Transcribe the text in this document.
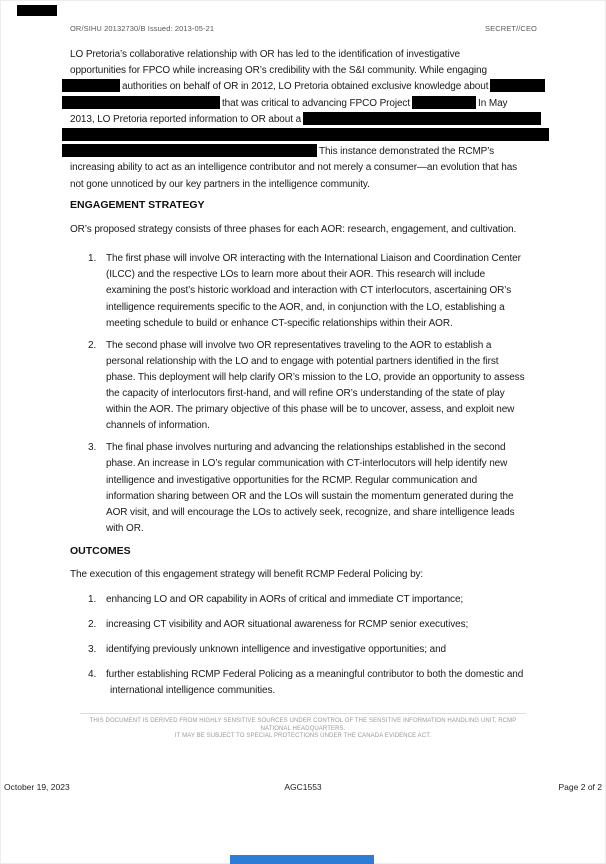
OR/SIHU 20132730/B Issued: 2013-05-21	SECRET//CEO
LO Pretoria’s collaborative relationship with OR has led to the identification of investigative
opportunities for FPCO while increasing OR’s credibility with the S&I community. While engaging
authorities on behalf of OR in 2012, LO Pretoria obtained exclusive knowledge about
that was critical to advancing FPCO Project	In May
2013, LO Pretoria reported information to OR about a
This instance demonstrated the RCMP’s
increasing ability to act as an intelligence contributor and not merely a consumer—an evolution that has
not gone unnoticed by our key partners in the intelligence community.
ENGAGEMENT STRATEGY

OR’s proposed strategy consists of three phases for each AOR: research, engagement, and cultivation.

1. The first phase will involve OR interacting with the International Liaison and Coordination Center
(ILCC) and the respective LOs to learn more about their AOR. This research will include
examining the post’s historic workload and interaction with CT interlocutors, ascertaining OR’s
intelligence requirements specific to the AOR, and, in conjunction with the LO, establishing a
meeting schedule to build or enhance CT-specific relationships within their AOR.
2. The second phase will involve two OR representatives traveling to the AOR to establish a
personal relationship with the LO and to engage with potential partners identified in the first
phase. This deployment will help clarify OR’s mission to the LO, provide an opportunity to assess
the capacity of interlocutors first-hand, and will refine OR’s understanding of the state of play
within the AOR. The primary objective of this phase will be to uncover, assess, and exploit new
channels of information.
3. The final phase involves nurturing and advancing the relationships established in the second
phase. An increase in LO’s regular communication with CT-interlocutors will help identify new
intelligence and investigative opportunities for the RCMP. Regular communication and
information sharing between OR and the LOs will sustain the momentum generated during the
AOR visit, and will encourage the LOs to actively seek, recognize, and share intelligence leads
with OR.
OUTCOMES

The execution of this engagement strategy will benefit RCMP Federal Policing by:

1. enhancing LO and OR capability in AORs of critical and immediate CT importance;
2. increasing CT visibility and AOR situational awareness for RCMP senior executives;
3. identifying previously unknown intelligence and investigative opportunities; and
4. further establishing RCMP Federal Policing as a meaningful contributor to both the domestic and
international intelligence communities.
THIS DOCUMENT IS DERIVED FROM HIGHLY SENSITIVE SOURCES UNDER CONTROL OF THE SENSITIVE INFORMATION HANDLING UNIT, RCMP NATIONAL HEADQUARTERS.
IT MAY BE SUBJECT TO SPECIAL PROTECTIONS UNDER THE CANADA EVIDENCE ACT.
October 19, 2023	AGC1553	Page 2 of 2
